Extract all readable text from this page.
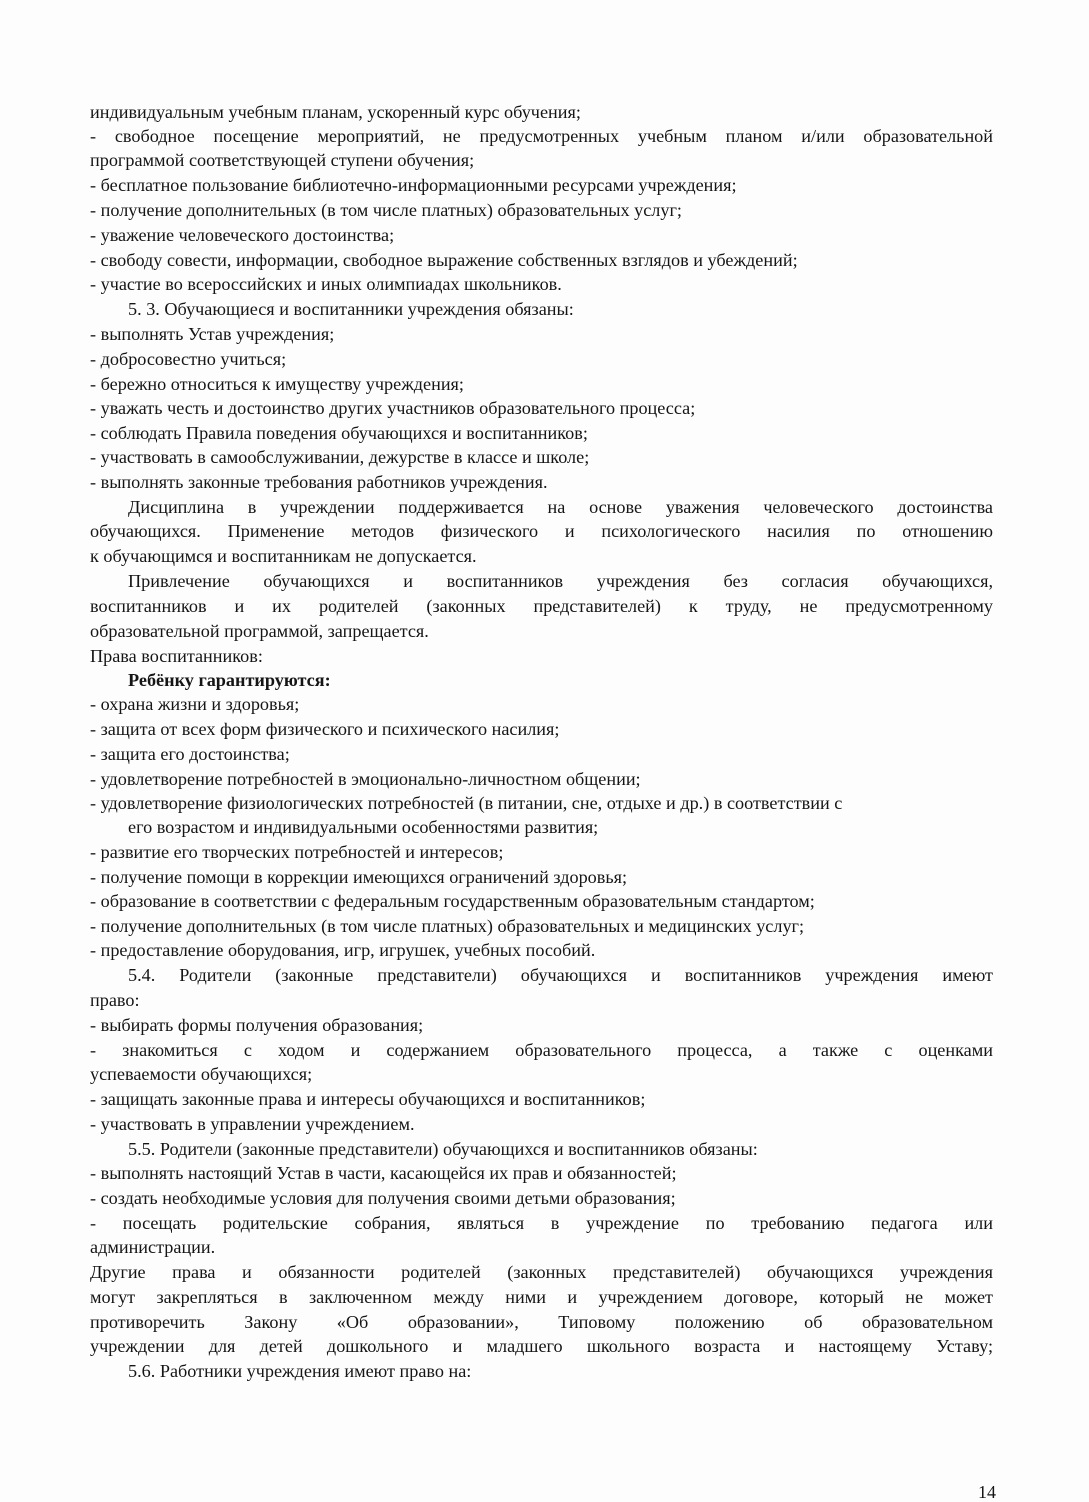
индивидуальным учебным планам, ускоренный курс обучения;

- свободное посещение мероприятий, не предусмотренных учебным планом и/или образовательной

программой соответствующей ступени обучения;

- бесплатное пользование библиотечно-информационными ресурсами учреждения;

- получение дополнительных (в том числе платных) образовательных услуг;

- уважение человеческого достоинства;

- свободу совести, информации, свободное выражение собственных взглядов и убеждений;

- участие во всероссийских и иных олимпиадах школьников.

5. 3. Обучающиеся и воспитанники учреждения обязаны:

- выполнять Устав учреждения;

- добросовестно учиться;

- бережно относиться к имуществу учреждения;

- уважать честь и достоинство других участников образовательного процесса;

- соблюдать Правила поведения обучающихся и воспитанников;

- участвовать в самообслуживании, дежурстве в классе и школе;

- выполнять законные требования работников учреждения.

Дисциплина в учреждении поддерживается на основе уважения человеческого достоинства

обучающихся. Применение методов физического и психологического насилия по отношению

к обучающимся и воспитанникам не допускается.

Привлечение обучающихся и воспитанников учреждения без согласия обучающихся,

воспитанников и их родителей (законных представителей) к труду, не предусмотренному

образовательной программой, запрещается.

Права воспитанников:

Ребёнку гарантируются:

- охрана жизни и здоровья;

- защита от всех форм физического и психического насилия;

- защита его достоинства;

- удовлетворение потребностей в эмоционально-личностном общении;

- удовлетворение физиологических потребностей (в питании, сне, отдыхе и др.) в соответствии с

его возрастом и индивидуальными особенностями развития;

- развитие его творческих потребностей и интересов;

- получение помощи в коррекции имеющихся ограничений здоровья;

- образование в соответствии с федеральным государственным образовательным стандартом;

- получение дополнительных (в том числе платных) образовательных и медицинских услуг;

- предоставление оборудования, игр, игрушек, учебных пособий.

5.4. Родители (законные представители) обучающихся и воспитанников учреждения имеют

право:

- выбирать формы получения образования;

- знакомиться с ходом и содержанием образовательного процесса, а также с оценками

успеваемости обучающихся;

- защищать законные права и интересы обучающихся и воспитанников;

- участвовать в управлении учреждением.

5.5. Родители (законные представители) обучающихся и воспитанников обязаны:

- выполнять настоящий Устав в части, касающейся их прав и обязанностей;

- создать необходимые условия для получения своими детьми образования;

- посещать родительские собрания, являться в учреждение по требованию педагога или

администрации.

Другие права и обязанности родителей (законных представителей) обучающихся учреждения

могут закрепляться в заключенном между ними и учреждением договоре, который не может

противоречить Закону «Об образовании», Типовому положению об образовательном

учреждении для детей дошкольного и младшего школьного возраста и настоящему Уставу;

5.6. Работники учреждения имеют право на:

14
